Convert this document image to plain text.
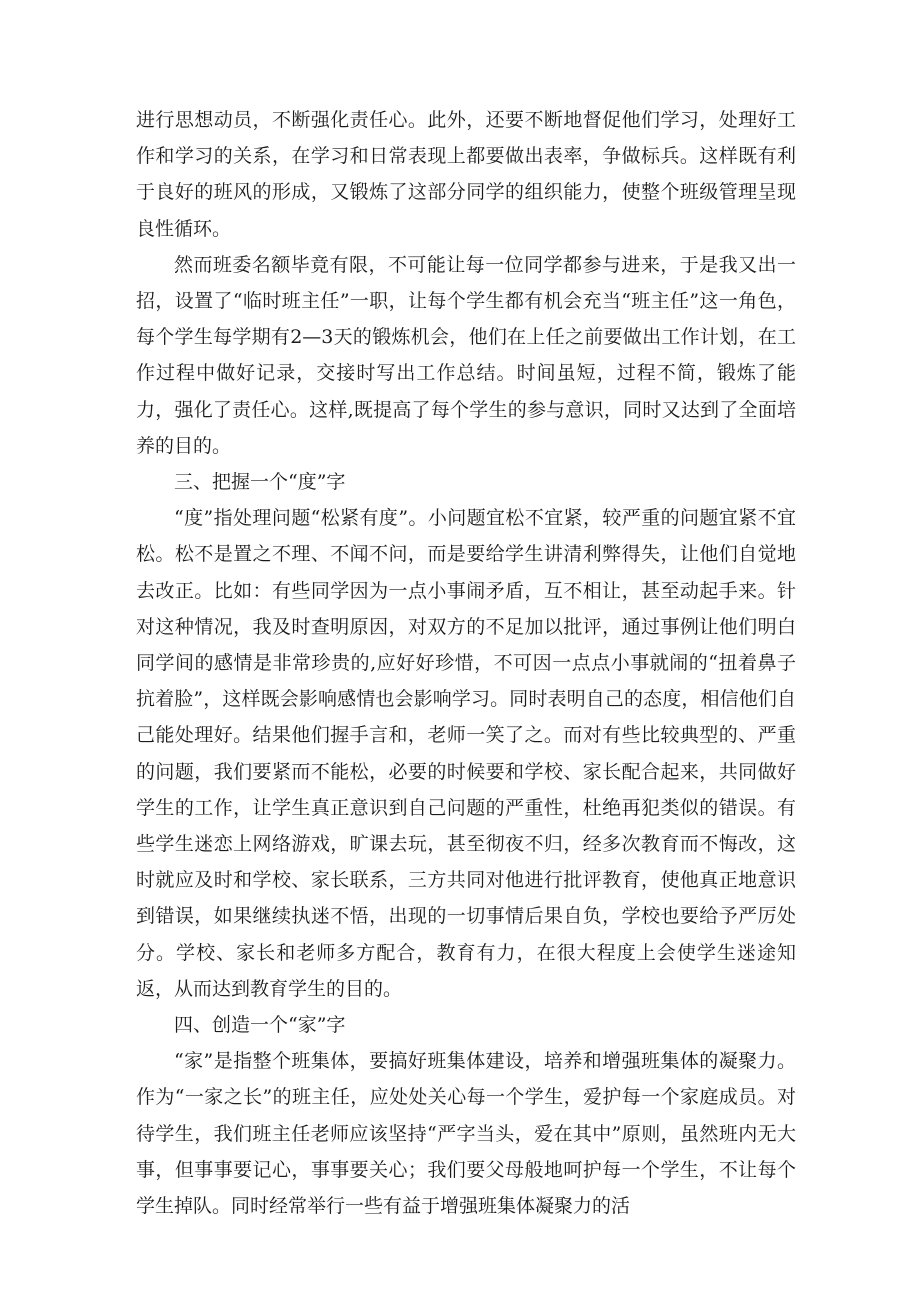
进行思想动员，不断强化责任心。此外，还要不断地督促他们学习，处理好工作和学习的关系，在学习和日常表现上都要做出表率，争做标兵。这样既有利于良好的班风的形成，又锻炼了这部分同学的组织能力，使整个班级管理呈现良性循环。

然而班委名额毕竟有限，不可能让每一位同学都参与进来，于是我又出一招，设置了“临时班主任”一职，让每个学生都有机会充当“班主任”这一角色，每个学生每学期有2—3天的锻炼机会，他们在上任之前要做出工作计划，在工作过程中做好记录，交接时写出工作总结。时间虽短，过程不简，锻炼了能力，强化了责任心。这样,既提高了每个学生的参与意识，同时又达到了全面培养的目的。

三、把握一个“度”字

“度”指处理问题“松紧有度”。小问题宜松不宜紧，较严重的问题宜紧不宜松。松不是置之不理、不闻不问，而是要给学生讲清利弊得失，让他们自觉地去改正。比如：有些同学因为一点小事闹矛盾，互不相让，甚至动起手来。针对这种情况，我及时查明原因，对双方的不足加以批评，通过事例让他们明白同学间的感情是非常珍贵的,应好好珍惜，不可因一点点小事就闹的“扭着鼻子抗着脸”，这样既会影响感情也会影响学习。同时表明自己的态度，相信他们自己能处理好。结果他们握手言和，老师一笑了之。而对有些比较典型的、严重的问题，我们要紧而不能松，必要的时候要和学校、家长配合起来，共同做好学生的工作，让学生真正意识到自己问题的严重性，杜绝再犯类似的错误。有些学生迷恋上网络游戏，旷课去玩，甚至彻夜不归，经多次教育而不悔改，这时就应及时和学校、家长联系，三方共同对他进行批评教育，使他真正地意识到错误，如果继续执迷不悟，出现的一切事情后果自负，学校也要给予严厉处分。学校、家长和老师多方配合，教育有力，在很大程度上会使学生迷途知返，从而达到教育学生的目的。

四、创造一个“家”字

“家”是指整个班集体，要搞好班集体建设，培养和增强班集体的凝聚力。作为“一家之长”的班主任，应处处关心每一个学生，爱护每一个家庭成员。对待学生，我们班主任老师应该坚持“严字当头，爱在其中”原则，虽然班内无大事，但事事要记心，事事要关心；我们要父母般地呵护每一个学生，不让每个学生掉队。同时经常举行一些有益于增强班集体凝聚力的活
